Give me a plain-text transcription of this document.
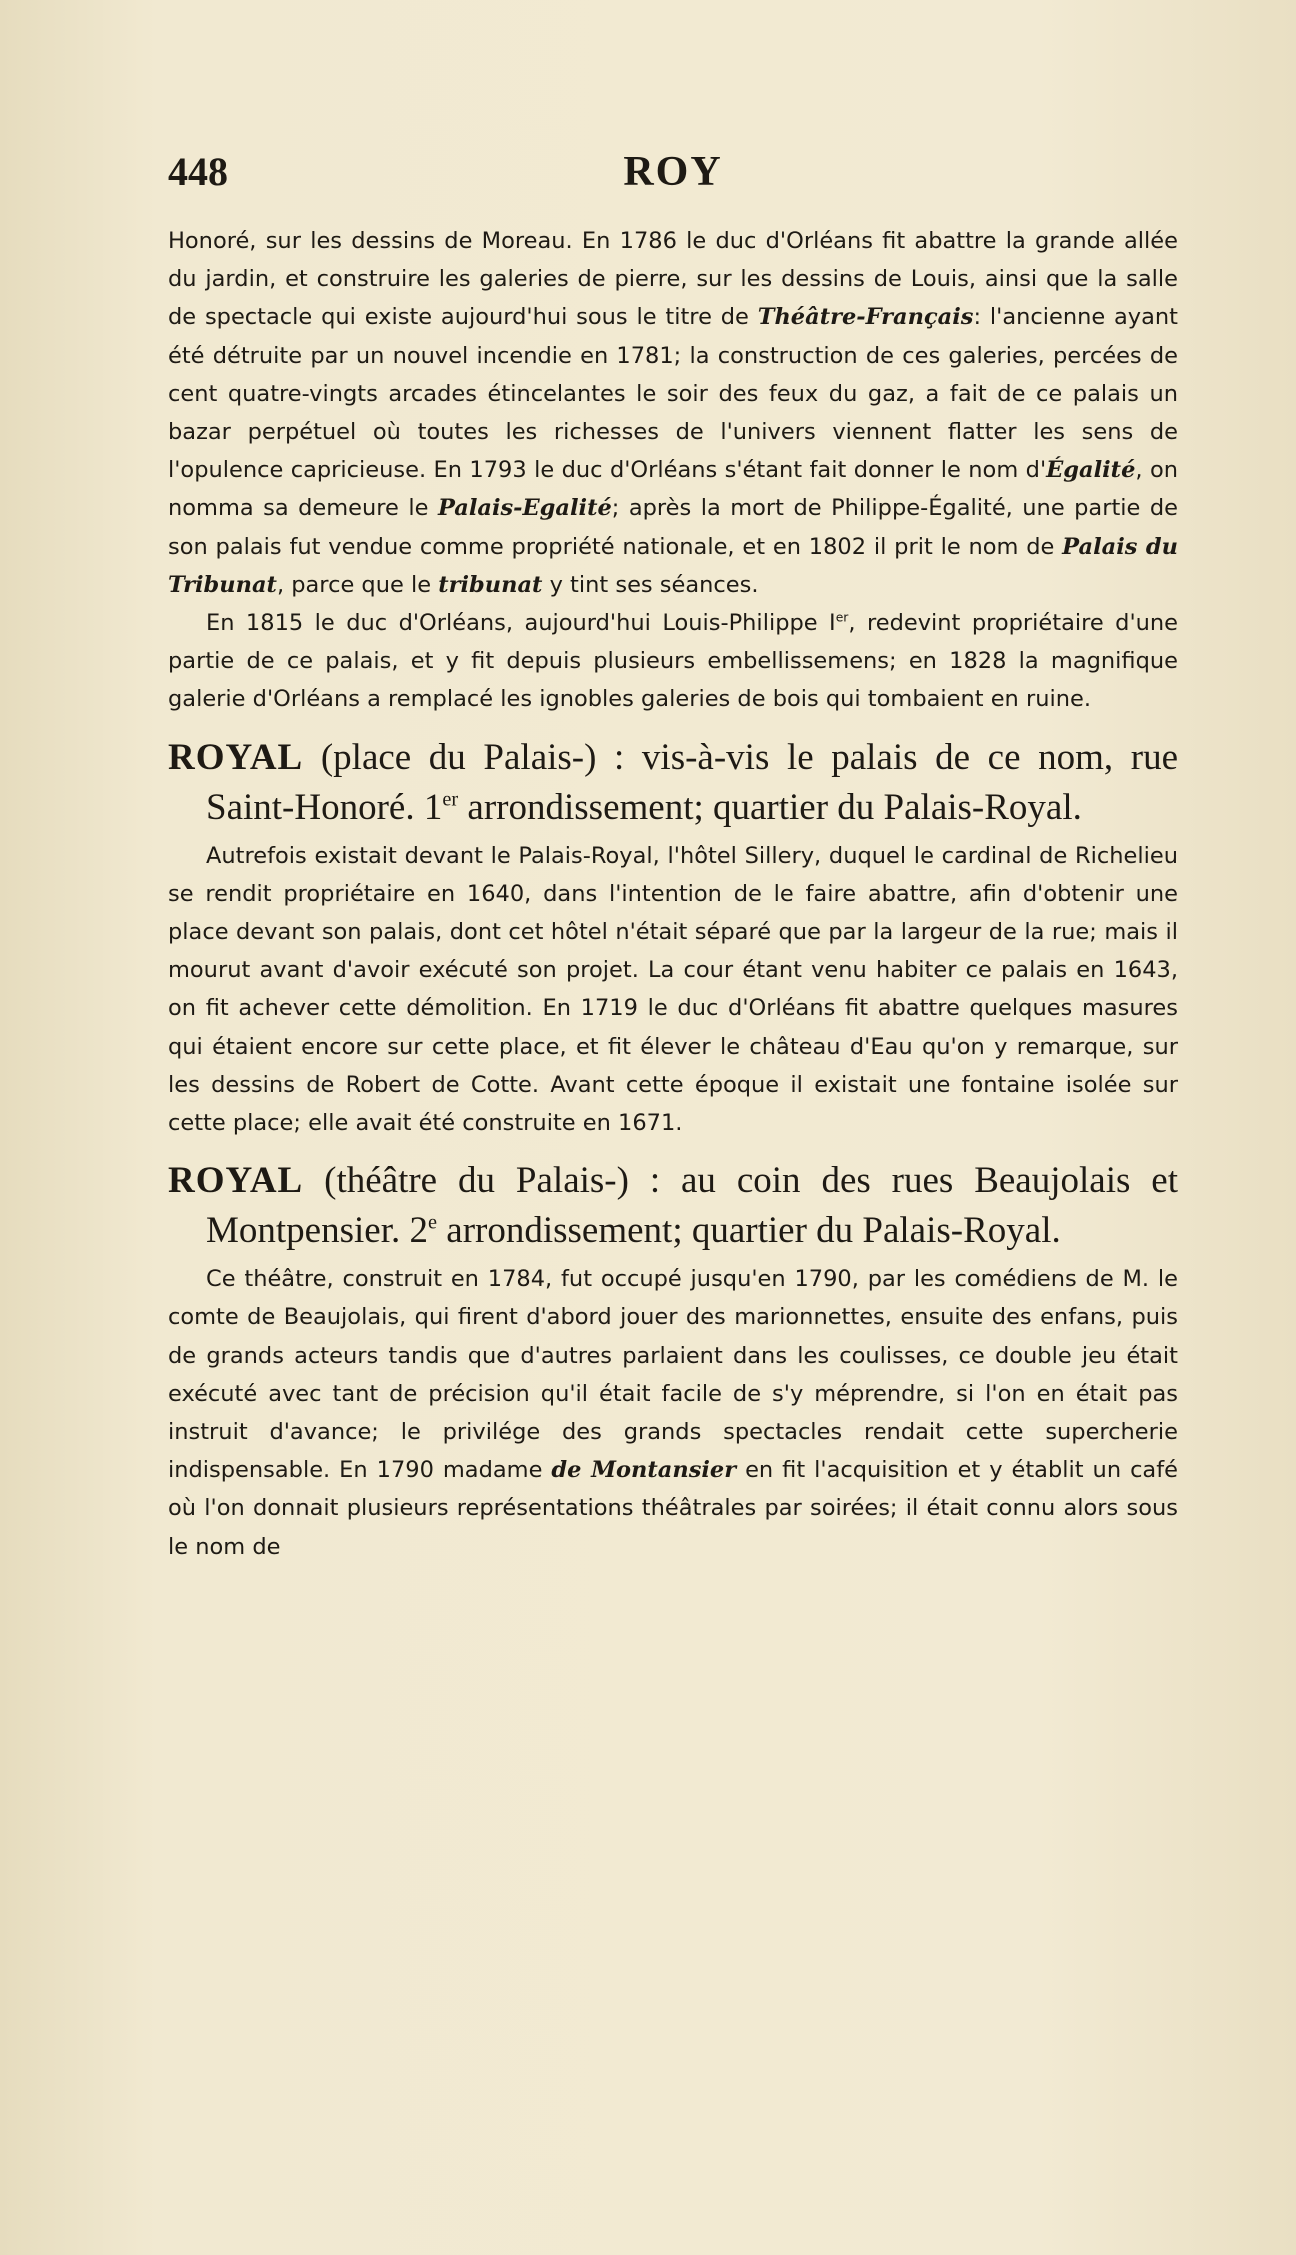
448	ROY

Honoré, sur les dessins de Moreau. En 1786 le duc d'Orléans fit abattre la grande allée du jardin, et construire les galeries de pierre, sur les dessins de Louis, ainsi que la salle de spectacle qui existe aujourd'hui sous le titre de Théâtre-Français: l'ancienne ayant été détruite par un nouvel incendie en 1781; la construction de ces galeries, percées de cent quatre-vingts arcades étincelantes le soir des feux du gaz, a fait de ce palais un bazar perpétuel où toutes les richesses de l'univers viennent flatter les sens de l'opulence capricieuse. En 1793 le duc d'Orléans s'étant fait donner le nom d'Égalité, on nomma sa demeure le Palais-Egalité; après la mort de Philippe-Égalité, une partie de son palais fut vendue comme propriété nationale, et en 1802 il prit le nom de Palais du Tribunat, parce que le tribunat y tint ses séances.

En 1815 le duc d'Orléans, aujourd'hui Louis-Philippe Ier, redevint propriétaire d'une partie de ce palais, et y fit depuis plusieurs embellissemens; en 1828 la magnifique galerie d'Orléans a remplacé les ignobles galeries de bois qui tombaient en ruine.

ROYAL (place du Palais-) : vis-à-vis le palais de ce nom, rue Saint-Honoré. 1er arrondissement; quartier du Palais-Royal.

Autrefois existait devant le Palais-Royal, l'hôtel Sillery, duquel le cardinal de Richelieu se rendit propriétaire en 1640, dans l'intention de le faire abattre, afin d'obtenir une place devant son palais, dont cet hôtel n'était séparé que par la largeur de la rue; mais il mourut avant d'avoir exécuté son projet. La cour étant venu habiter ce palais en 1643, on fit achever cette démolition. En 1719 le duc d'Orléans fit abattre quelques masures qui étaient encore sur cette place, et fit élever le château d'Eau qu'on y remarque, sur les dessins de Robert de Cotte. Avant cette époque il existait une fontaine isolée sur cette place; elle avait été construite en 1671.

ROYAL (théâtre du Palais-) : au coin des rues Beaujolais et Montpensier. 2e arrondissement; quartier du Palais-Royal.

Ce théâtre, construit en 1784, fut occupé jusqu'en 1790, par les comédiens de M. le comte de Beaujolais, qui firent d'abord jouer des marionnettes, ensuite des enfans, puis de grands acteurs tandis que d'autres parlaient dans les coulisses, ce double jeu était exécuté avec tant de précision qu'il était facile de s'y méprendre, si l'on en était pas instruit d'avance; le privilége des grands spectacles rendait cette supercherie indispensable. En 1790 madame de Montansier en fit l'acquisition et y établit un café où l'on donnait plusieurs représentations théâtrales par soirées; il était connu alors sous le nom de
